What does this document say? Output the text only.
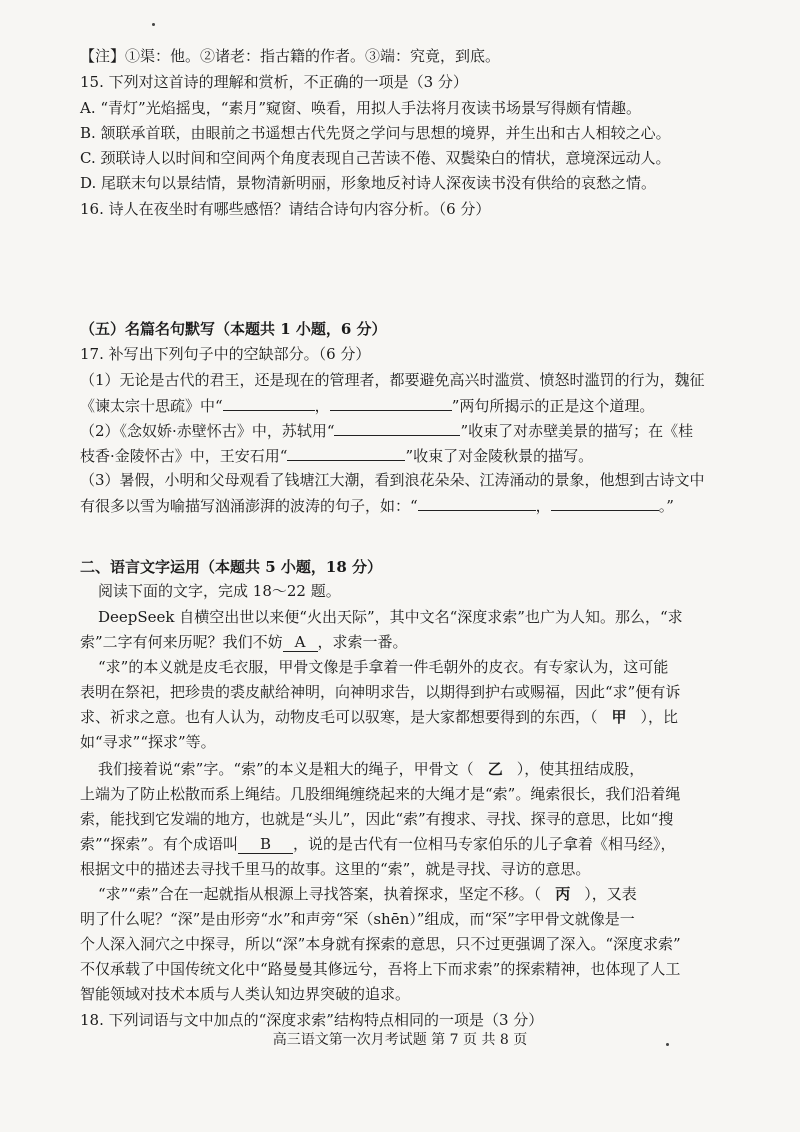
【注】①渠：他。②诸老：指古籍的作者。③端：究竟，到底。
15. 下列对这首诗的理解和赏析，不正确的一项是（3 分）
A. “青灯”光焰摇曳，“素月”窥窗、唤看，用拟人手法将月夜读书场景写得颇有情趣。
B. 颔联承首联，由眼前之书遥想古代先贤之学问与思想的境界，并生出和古人相较之心。
C. 颈联诗人以时间和空间两个角度表现自己苦读不倦、双鬓染白的情状，意境深远动人。
D. 尾联末句以景结情，景物清新明丽，形象地反衬诗人深夜读书没有供给的哀愁之情。
16. 诗人在夜坐时有哪些感悟？请结合诗句内容分析。（6 分）
（五）名篇名句默写（本题共 1 小题，6 分）
17. 补写出下列句子中的空缺部分。（6 分）
（1）无论是古代的君王，还是现在的管理者，都要避免高兴时滥赏、愤怒时滥罚的行为，魏征
《谏太宗十思疏》中“	，	”两句所揭示的正是这个道理。
（2）《念奴娇·赤壁怀古》中，苏轼用“	”收束了对赤壁美景的描写；在《桂
枝香·金陵怀古》中，王安石用“	”收束了对金陵秋景的描写。
（3）暑假，小明和父母观看了钱塘江大潮，看到浪花朵朵、江涛涌动的景象，他想到古诗文中
有很多以雪为喻描写汹涌澎湃的波涛的句子，如：“	，	。”
二、语言文字运用（本题共 5 小题，18 分）
阅读下面的文字，完成 18～22 题。
DeepSeek 自横空出世以来便“火出天际”，其中文名“深度求索”也广为人知。那么，“求
索”二字有何来历呢？我们不妨 A ，求索一番。
“求”的本义就是皮毛衣服，甲骨文像是手拿着一件毛朝外的皮衣。有专家认为，这可能
表明在祭祀，把珍贵的裘皮献给神明，向神明求告，以期得到护右或赐福，因此“求”便有诉
求、祈求之意。也有人认为，动物皮毛可以驭寒，是大家都想要得到的东西，（ 甲 ），比
如“寻求”“探求”等。
我们接着说“索”字。“索”的本义是粗大的绳子，甲骨文（ 乙 ），使其扭结成股，
上端为了防止松散而系上绳结。几股细绳缠绕起来的大绳才是“索”。绳索很长，我们沿着绳
索，能找到它发端的地方，也就是“头儿”，因此“索”有搜求、寻找、探寻的意思，比如“搜
索”“探索”。有个成语叫 B ，说的是古代有一位相马专家伯乐的儿子拿着《相马经》，
根据文中的描述去寻找千里马的故事。这里的“索”，就是寻找、寻访的意思。
“求”“索”合在一起就指从根源上寻找答案，执着探求，坚定不移。（ 丙 ），又表
明了什么呢？“深”是由形旁“水”和声旁“罙（shēn）”组成，而“罙”字甲骨文就像是一
个人深入洞穴之中探寻，所以“深”本身就有探索的意思，只不过更强调了深入。“深度求索”
不仅承载了中国传统文化中“路曼曼其修远兮，吾将上下而求索”的探索精神，也体现了人工
智能领域对技术本质与人类认知边界突破的追求。
18. 下列词语与文中加点的“深度求索”结构特点相同的一项是（3 分）
高三语文第一次月考试题 第 7 页 共 8 页
